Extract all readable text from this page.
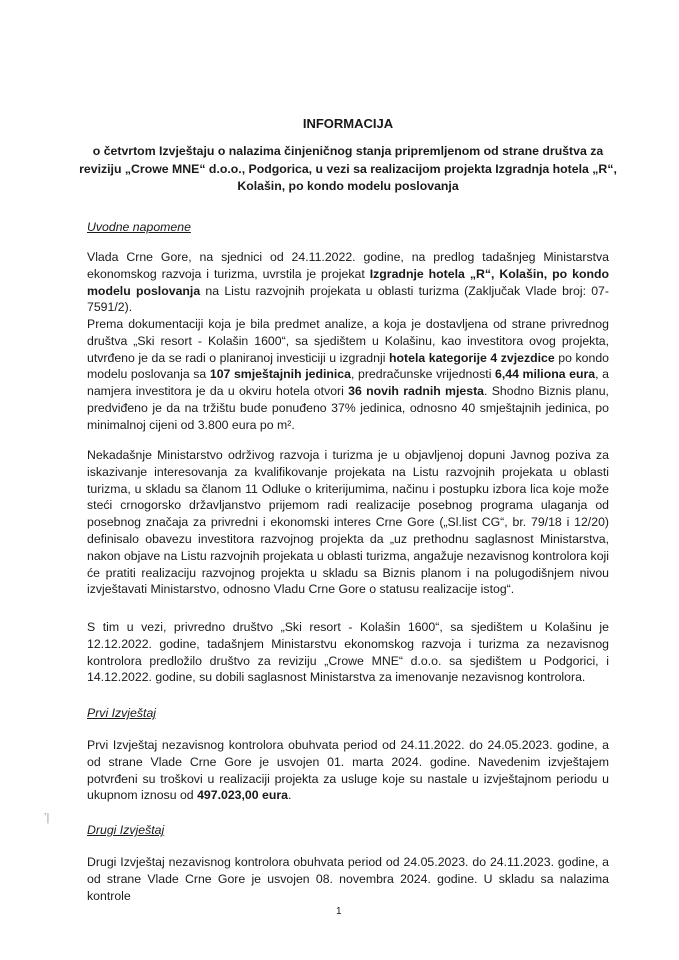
INFORMACIJA
o četvrtom Izvještaju o nalazima činjeničnog stanja pripremljenom od strane društva za reviziju „Crowe MNE“ d.o.o., Podgorica, u vezi sa realizacijom projekta Izgradnja hotela „R“, Kolašin, po kondo modelu poslovanja
Uvodne napomene
Vlada Crne Gore, na sjednici od 24.11.2022. godine, na predlog tadašnjeg Ministarstva ekonomskog razvoja i turizma, uvrstila je projekat Izgradnje hotela „R“, Kolašin, po kondo modelu poslovanja na Listu razvojnih projekata u oblasti turizma (Zaključak Vlade broj: 07-7591/2).
Prema dokumentaciji koja je bila predmet analize, a koja je dostavljena od strane privrednog društva „Ski resort - Kolašin 1600“, sa sjedištem u Kolašinu, kao investitora ovog projekta, utvrđeno je da se radi o planiranoj investiciji u izgradnji hotela kategorije 4 zvjezdice po kondo modelu poslovanja sa 107 smještajnih jedinica, predračunske vrijednosti 6,44 miliona eura, a namjera investitora je da u okviru hotela otvori 36 novih radnih mjesta. Shodno Biznis planu, predviđeno je da na tržištu bude ponuđeno 37% jedinica, odnosno 40 smještajnih jedinica, po minimalnoj cijeni od 3.800 eura po m².
Nekadašnje Ministarstvo održivog razvoja i turizma je u objavljenoj dopuni Javnog poziva za iskazivanje interesovanja za kvalifikovanje projekata na Listu razvojnih projekata u oblasti turizma, u skladu sa članom 11 Odluke o kriterijumima, načinu i postupku izbora lica koje može steći crnogorsko državljanstvo prijemom radi realizacije posebnog programa ulaganja od posebnog značaja za privredni i ekonomski interes Crne Gore („Sl.list CG“, br. 79/18 i 12/20) definisalo obavezu investitora razvojnog projekta da „uz prethodnu saglasnost Ministarstva, nakon objave na Listu razvojnih projekata u oblasti turizma, angažuje nezavisnog kontrolora koji će pratiti realizaciju razvojnog projekta u skladu sa Biznis planom i na polugodišnjem nivou izvještavati Ministarstvo, odnosno Vladu Crne Gore o statusu realizacije istog“.
S tim u vezi, privredno društvo „Ski resort - Kolašin 1600“, sa sjedištem u Kolašinu je 12.12.2022. godine, tadašnjem Ministarstvu ekonomskog razvoja i turizma za nezavisnog kontrolora predložilo društvo za reviziju „Crowe MNE“ d.o.o. sa sjedištem u Podgorici, i 14.12.2022. godine, su dobili saglasnost Ministarstva za imenovanje nezavisnog kontrolora.
Prvi Izvještaj
Prvi Izvještaj nezavisnog kontrolora obuhvata period od 24.11.2022. do 24.05.2023. godine, a od strane Vlade Crne Gore je usvojen 01. marta 2024. godine. Navedenim izvještajem potvrđeni su troškovi u realizaciji projekta za usluge koje su nastale u izvještajnom periodu u ukupnom iznosu od 497.023,00 eura.
Drugi Izvještaj
Drugi Izvještaj nezavisnog kontrolora obuhvata period od 24.05.2023. do 24.11.2023. godine, a od strane Vlade Crne Gore je usvojen 08. novembra 2024. godine. U skladu sa nalazima kontrole
ʼ|
1
